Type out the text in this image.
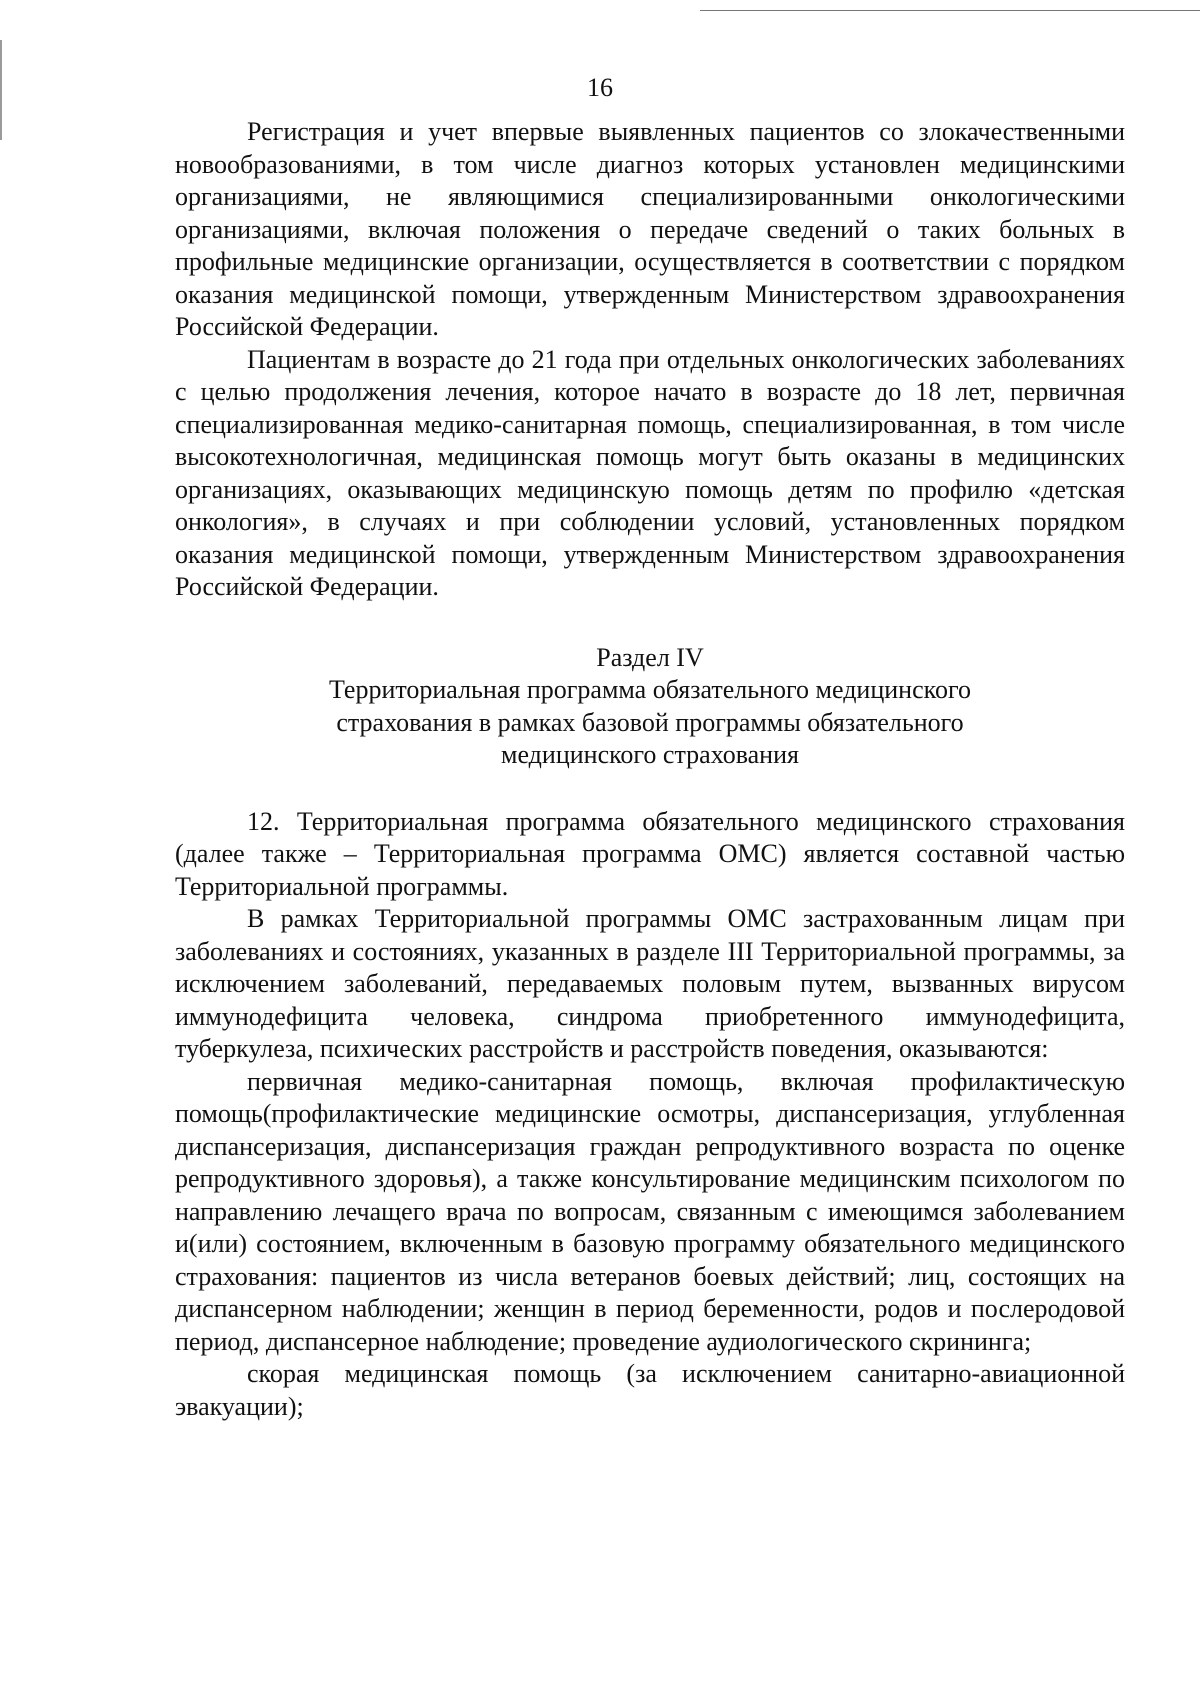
16

Регистрация и учет впервые выявленных пациентов со злокачественными новообразованиями, в том числе диагноз которых установлен медицинскими организациями, не являющимися специализированными онкологическими организациями, включая положения о передаче сведений о таких больных в профильные медицинские организации, осуществляется в соответствии с порядком оказания медицинской помощи, утвержденным Министерством здравоохранения Российской Федерации.

Пациентам в возрасте до 21 года при отдельных онкологических заболеваниях с целью продолжения лечения, которое начато в возрасте до 18 лет, первичная специализированная медико-санитарная помощь, специализированная, в том числе высокотехнологичная, медицинская помощь могут быть оказаны в медицинских организациях, оказывающих медицинскую помощь детям по профилю «детская онкология», в случаях и при соблюдении условий, установленных порядком оказания медицинской помощи, утвержденным Министерством здравоохранения Российской Федерации.

Раздел IV
Территориальная программа обязательного медицинского
страхования в рамках базовой программы обязательного
медицинского страхования

12. Территориальная программа обязательного медицинского страхования (далее также – Территориальная программа ОМС) является составной частью Территориальной программы.

В рамках Территориальной программы ОМС застрахованным лицам при заболеваниях и состояниях, указанных в разделе III Территориальной программы, за исключением заболеваний, передаваемых половым путем, вызванных вирусом иммунодефицита человека, синдрома приобретенного иммунодефицита, туберкулеза, психических расстройств и расстройств поведения, оказываются:

первичная медико-санитарная помощь, включая профилактическую помощь(профилактические медицинские осмотры, диспансеризация, углубленная диспансеризация, диспансеризация граждан репродуктивного возраста по оценке репродуктивного здоровья), а также консультирование медицинским психологом по направлению лечащего врача по вопросам, связанным с имеющимся заболеванием и(или) состоянием, включенным в базовую программу обязательного медицинского страхования: пациентов из числа ветеранов боевых действий; лиц, состоящих на диспансерном наблюдении; женщин в период беременности, родов и послеродовой период, диспансерное наблюдение; проведение аудиологического скрининга;

скорая медицинская помощь (за исключением санитарно-авиационной эвакуации);
